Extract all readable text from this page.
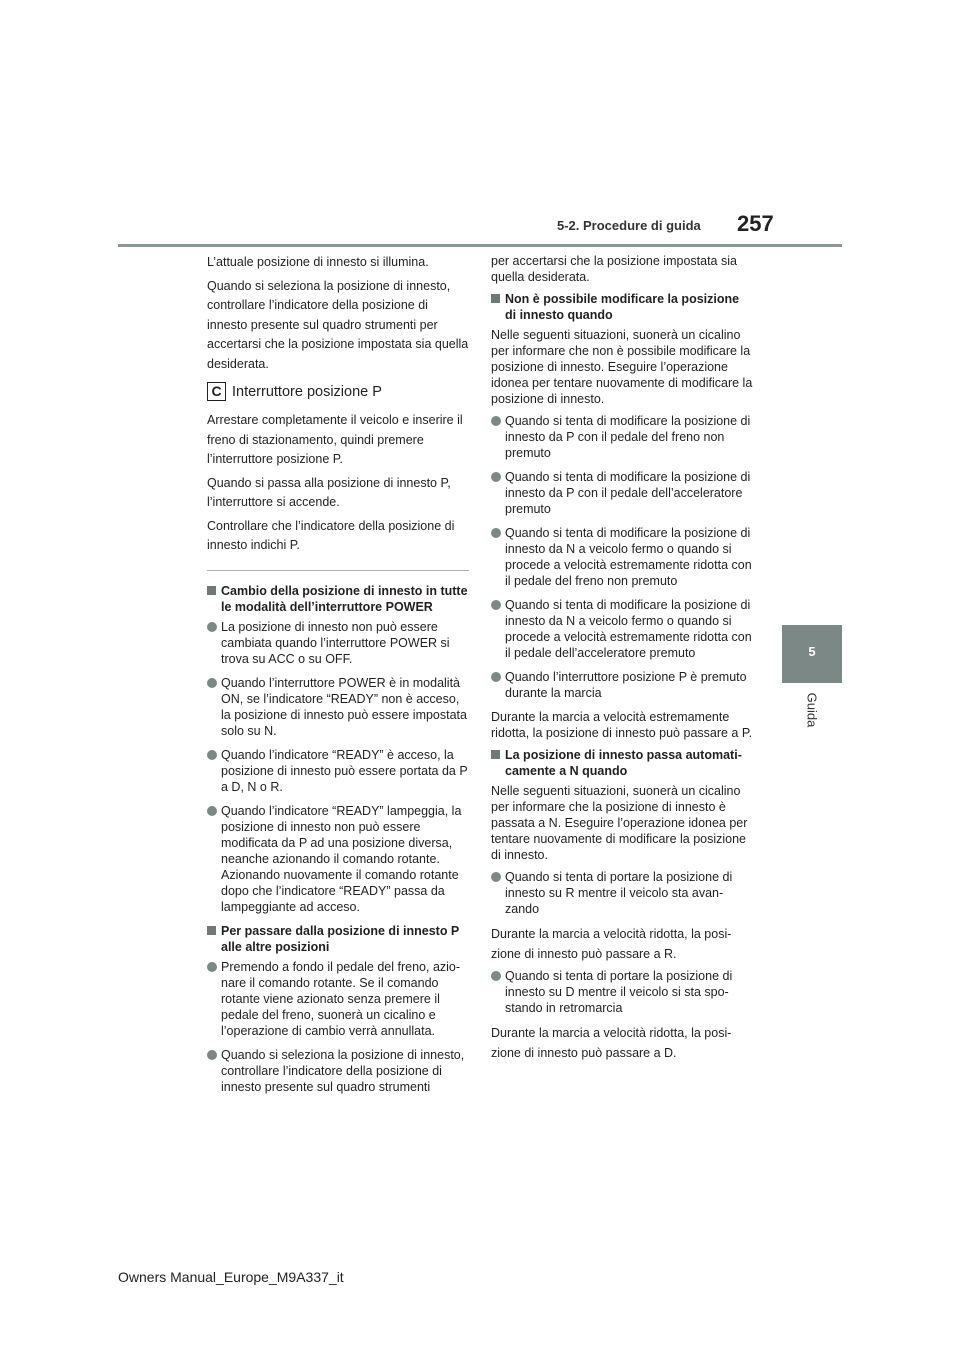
5-2. Procedure di guida 257
5
Guida

L’attuale posizione di innesto si illumina.

Quando si seleziona la posizione di innesto, controllare l’indicatore della posizione di innesto presente sul quadro strumenti per accertarsi che la posizione impostata sia quella desiderata.

C Interruttore posizione P

Arrestare completamente il veicolo e inserire il freno di stazionamento, quindi premere l’interruttore posizione P.

Quando si passa alla posizione di innesto P, l’interruttore si accende.

Controllare che l’indicatore della posizione di innesto indichi P.

Cambio della posizione di innesto in tutte le modalità dell’interruttore POWER
La posizione di innesto non può essere cambiata quando l’interruttore POWER si trova su ACC o su OFF.
Quando l’interruttore POWER è in modalità ON, se l’indicatore “READY” non è acceso, la posizione di innesto può essere impostata solo su N.
Quando l’indicatore “READY” è acceso, la posizione di innesto può essere portata da P a D, N o R.
Quando l’indicatore “READY” lampeggia, la posizione di innesto non può essere modificata da P ad una posizione diversa, neanche azionando il comando rotante. Azionando nuovamente il comando rotante dopo che l’indicatore “READY” passa da lampeggiante ad acceso.
Per passare dalla posizione di innesto P alle altre posizioni
Premendo a fondo il pedale del freno, azionare il comando rotante. Se il comando rotante viene azionato senza premere il pedale del freno, suonerà un cicalino e l’operazione di cambio verrà annullata.
Quando si seleziona la posizione di innesto, controllare l’indicatore della posizione di innesto presente sul quadro strumenti

per accertarsi che la posizione impostata sia quella desiderata.

Non è possibile modificare la posizione di innesto quando

Nelle seguenti situazioni, suonerà un cicalino per informare che non è possibile modificare la posizione di innesto. Eseguire l’operazione idonea per tentare nuovamente di modificare la posizione di innesto.

Quando si tenta di modificare la posizione di innesto da P con il pedale del freno non premuto
Quando si tenta di modificare la posizione di innesto da P con il pedale dell’acceleratore premuto
Quando si tenta di modificare la posizione di innesto da N a veicolo fermo o quando si procede a velocità estremamente ridotta con il pedale del freno non premuto
Quando si tenta di modificare la posizione di innesto da N a veicolo fermo o quando si procede a velocità estremamente ridotta con il pedale dell’acceleratore premuto
Quando l’interruttore posizione P è premuto durante la marcia

Durante la marcia a velocità estremamente ridotta, la posizione di innesto può passare a P.

La posizione di innesto passa automaticamente a N quando

Nelle seguenti situazioni, suonerà un cicalino per informare che la posizione di innesto è passata a N. Eseguire l’operazione idonea per tentare nuovamente di modificare la posizione di innesto.

Quando si tenta di portare la posizione di innesto su R mentre il veicolo sta avanzando

Durante la marcia a velocità ridotta, la posizione di innesto può passare a R.

Quando si tenta di portare la posizione di innesto su D mentre il veicolo si sta spostando in retromarcia

Durante la marcia a velocità ridotta, la posizione di innesto può passare a D.

Owners Manual_Europe_M9A337_it
